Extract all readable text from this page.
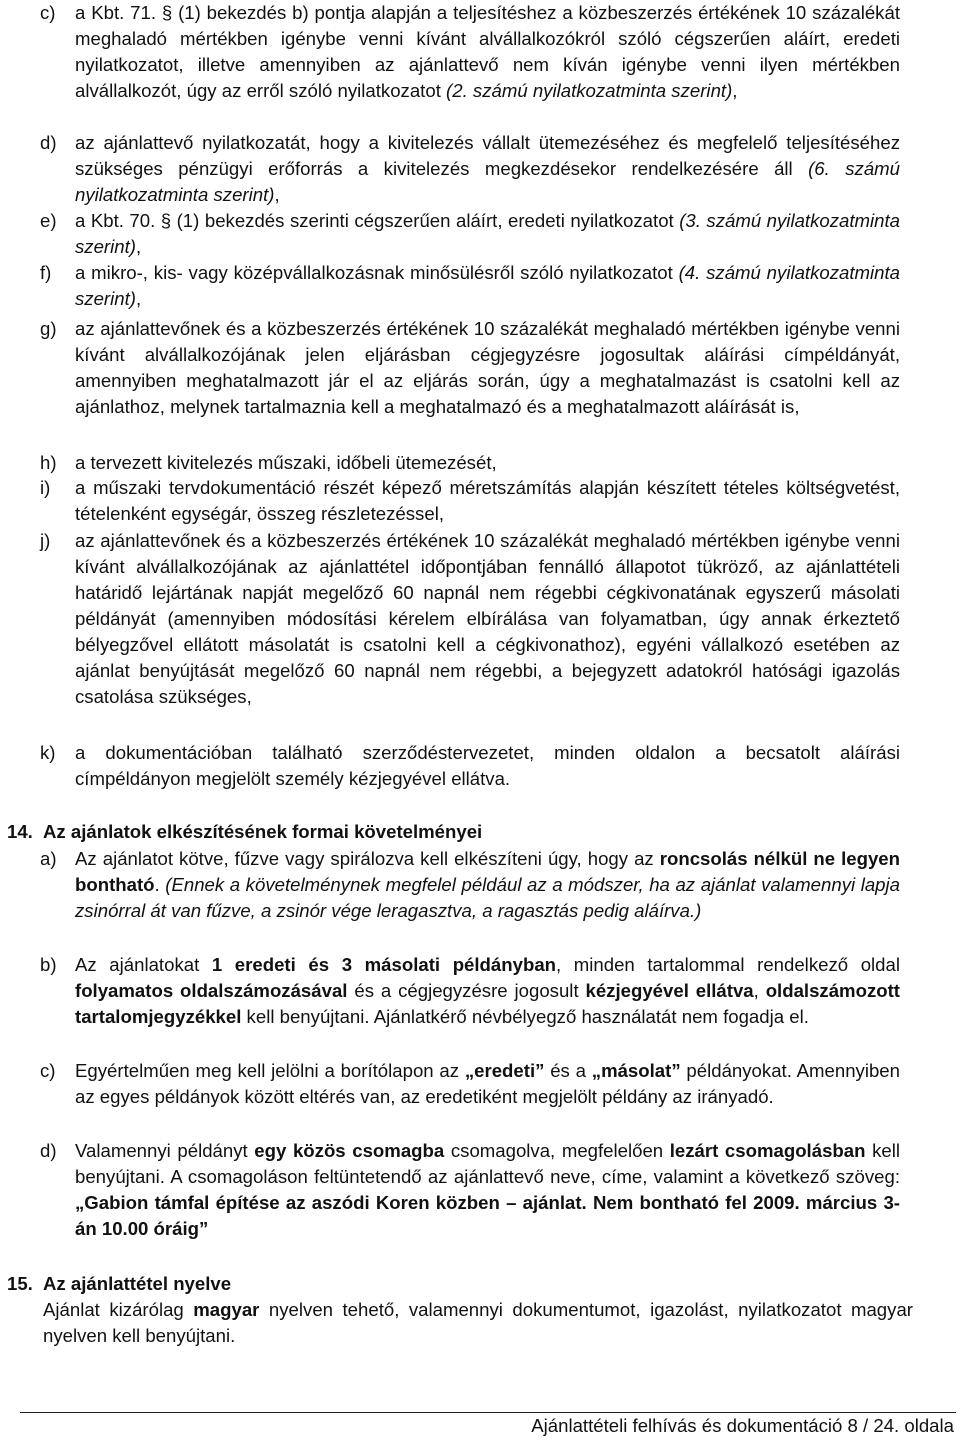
c)	a Kbt. 71. § (1) bekezdés b) pontja alapján a teljesítéshez a közbeszerzés értékének 10 százalékát meghaladó mértékben igénybe venni kívánt alvállalkozókról szóló cégszerűen aláírt, eredeti nyilatkozatot, illetve amennyiben az ajánlattevő nem kíván igénybe venni ilyen mértékben alvállalkozót, úgy az erről szóló nyilatkozatot (2. számú nyilatkozatminta szerint),
d) az ajánlattevő nyilatkozatát, hogy a kivitelezés vállalt ütemezéséhez és megfelelő teljesítéséhez szükséges pénzügyi erőforrás a kivitelezés megkezdésekor rendelkezésére áll (6. számú nyilatkozatminta szerint),
e) a Kbt. 70. § (1) bekezdés szerinti cégszerűen aláírt, eredeti nyilatkozatot (3. számú nyilatkozatminta szerint),
f)	a mikro-, kis- vagy középvállalkozásnak minősülésről szóló nyilatkozatot (4. számú nyilatkozatminta szerint),
g) az ajánlattevőnek és a közbeszerzés értékének 10 százalékát meghaladó mértékben igénybe venni kívánt alvállalkozójának jelen eljárásban cégjegyzésre jogosultak aláírási címpéldányát, amennyiben meghatalmazott jár el az eljárás során, úgy a meghatalmazást is csatolni kell az ajánlathoz, melynek tartalmaznia kell a meghatalmazó és a meghatalmazott aláírását is,
h) a tervezett kivitelezés műszaki, időbeli ütemezését,
i)	a műszaki tervdokumentáció részét képező méretszámítás alapján készített tételes költségvetést, tételenként egységár, összeg részletezéssel,
j)	az ajánlattevőnek és a közbeszerzés értékének 10 százalékát meghaladó mértékben igénybe venni kívánt alvállalkozójának az ajánlattétel időpontjában fennálló állapotot tükröző, az ajánlattételi határidő lejártának napját megelőző 60 napnál nem régebbi cégkivonatának egyszerű másolati példányát (amennyiben módosítási kérelem elbírálása van folyamatban, úgy annak érkeztető bélyegzővel ellátott másolatát is csatolni kell a cégkivonathoz), egyéni vállalkozó esetében az ajánlat benyújtását megelőző 60 napnál nem régebbi, a bejegyzett adatokról hatósági igazolás csatolása szükséges,
k)	a dokumentációban található szerződéstervezetet, minden oldalon a becsatolt aláírási címpéldányon megjelölt személy kézjegyével ellátva.
14. Az ajánlatok elkészítésének formai követelményei
a) Az ajánlatot kötve, fűzve vagy spirálozva kell elkészíteni úgy, hogy az roncsolás nélkül ne legyen bontható. (Ennek a követelménynek megfelel például az a módszer, ha az ajánlat valamennyi lapja zsinórral át van fűzve, a zsinór vége leragasztva, a ragasztás pedig aláírva.)
b) Az ajánlatokat 1 eredeti és 3 másolati példányban, minden tartalommal rendelkező oldal folyamatos oldalszámozásával és a cégjegyzésre jogosult kézjegyével ellátva, oldalszámozott tartalomjegyzékkel kell benyújtani. Ajánlatkérő névbélyegző használatát nem fogadja el.
c)	Egyértelműen meg kell jelölni a borítólapon az „eredeti” és a „másolat” példányokat. Amennyiben az egyes példányok között eltérés van, az eredetiként megjelölt példány az irányadó.
d) Valamennyi példányt egy közös csomagba csomagolva, megfelelően lezárt csomagolásban kell benyújtani. A csomagoláson feltüntetendő az ajánlattevő neve, címe, valamint a következő szöveg: „Gabion támfal építése az aszódi Koren közben – ajánlat. Nem bontható fel 2009. március 3-án 10.00 óráig”
15. Az ajánlattétel nyelve
Ajánlat kizárólag magyar nyelven tehető, valamennyi dokumentumot, igazolást, nyilatkozatot magyar nyelven kell benyújtani.
Ajánlattételi felhívás és dokumentáció 8 / 24. oldala
